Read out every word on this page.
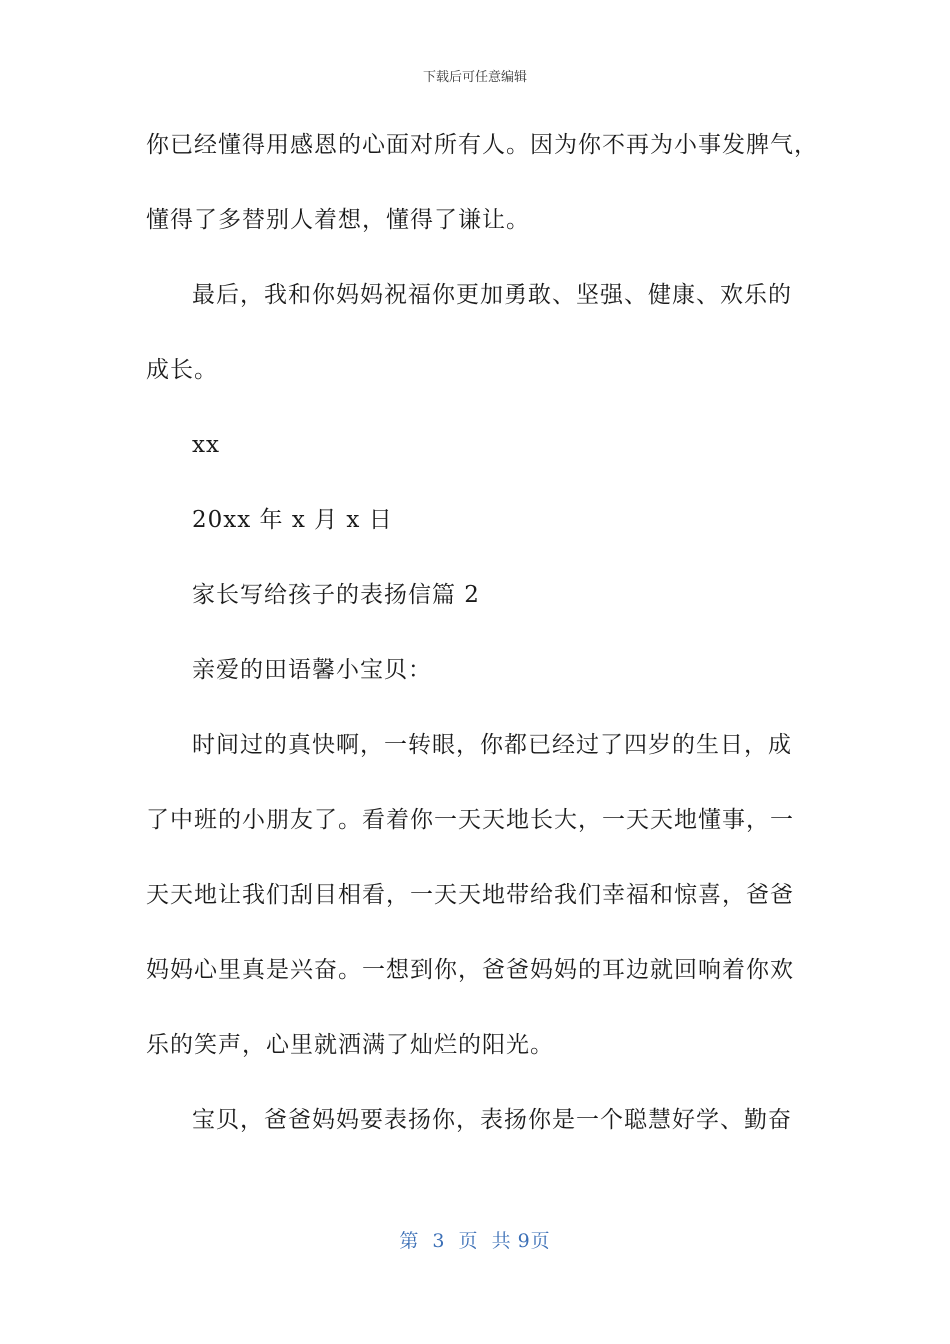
下载后可任意编辑
你已经懂得用感恩的心面对所有人。因为你不再为小事发脾气，
懂得了多替别人着想，懂得了谦让。
最后，我和你妈妈祝福你更加勇敢、坚强、健康、欢乐的
成长。
xx
20xx 年 x 月 x 日
家长写给孩子的表扬信篇 2
亲爱的田语馨小宝贝：
时间过的真快啊，一转眼，你都已经过了四岁的生日，成
了中班的小朋友了。看着你一天天地长大，一天天地懂事，一
天天地让我们刮目相看，一天天地带给我们幸福和惊喜，爸爸
妈妈心里真是兴奋。一想到你，爸爸妈妈的耳边就回响着你欢
乐的笑声，心里就洒满了灿烂的阳光。
宝贝，爸爸妈妈要表扬你，表扬你是一个聪慧好学、勤奋
第 3 页 共 9页
